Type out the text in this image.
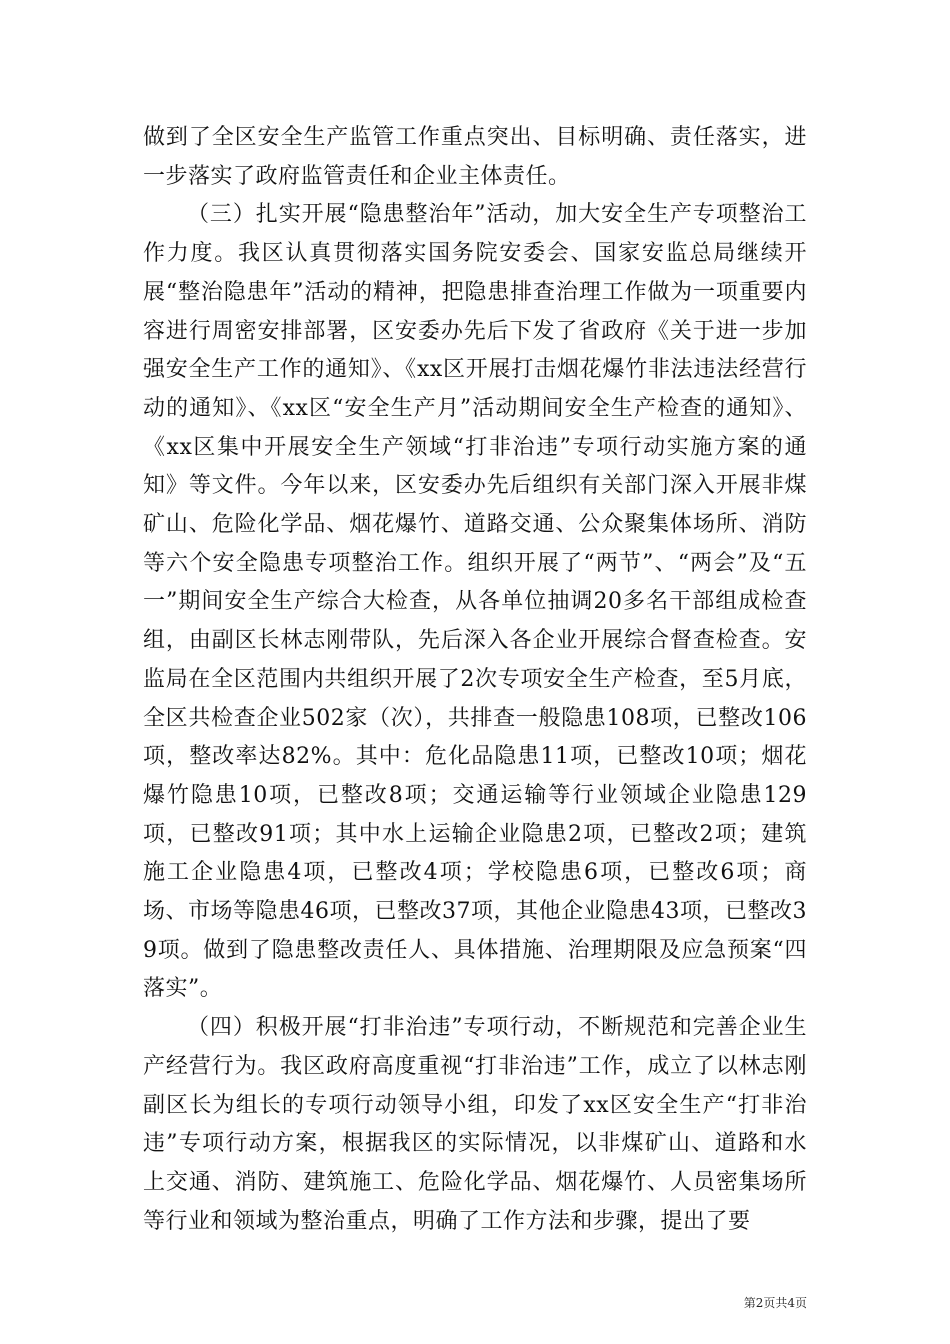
做到了全区安全生产监管工作重点突出、目标明确、责任落实，进一步落实了政府监管责任和企业主体责任。

（三）扎实开展“隐患整治年”活动，加大安全生产专项整治工作力度。我区认真贯彻落实国务院安委会、国家安监总局继续开展“整治隐患年”活动的精神，把隐患排查治理工作做为一项重要内容进行周密安排部署，区安委办先后下发了省政府《关于进一步加强安全生产工作的通知》、《xx区开展打击烟花爆竹非法违法经营行动的通知》、《xx区“安全生产月”活动期间安全生产检查的通知》、《xx区集中开展安全生产领域“打非治违”专项行动实施方案的通知》等文件。今年以来，区安委办先后组织有关部门深入开展非煤矿山、危险化学品、烟花爆竹、道路交通、公众聚集体场所、消防等六个安全隐患专项整治工作。组织开展了“两节”、“两会”及“五一”期间安全生产综合大检查，从各单位抽调20多名干部组成检查组，由副区长林志刚带队，先后深入各企业开展综合督查检查。安监局在全区范围内共组织开展了2次专项安全生产检查，至5月底，全区共检查企业502家（次），共排查一般隐患108项，已整改106项，整改率达82%。其中：危化品隐患11项，已整改10项；烟花爆竹隐患10项，已整改8项；交通运输等行业领域企业隐患129项，已整改91项；其中水上运输企业隐患2项，已整改2项；建筑施工企业隐患4项，已整改4项；学校隐患6项，已整改6项；商场、市场等隐患46项，已整改37项，其他企业隐患43项，已整改39项。做到了隐患整改责任人、具体措施、治理期限及应急预案“四落实”。

（四）积极开展“打非治违”专项行动，不断规范和完善企业生产经营行为。我区政府高度重视“打非治违”工作，成立了以林志刚副区长为组长的专项行动领导小组，印发了xx区安全生产“打非治违”专项行动方案，根据我区的实际情况，以非煤矿山、道路和水上交通、消防、建筑施工、危险化学品、烟花爆竹、人员密集场所等行业和领域为整治重点，明确了工作方法和步骤，提出了要

第2页共4页
